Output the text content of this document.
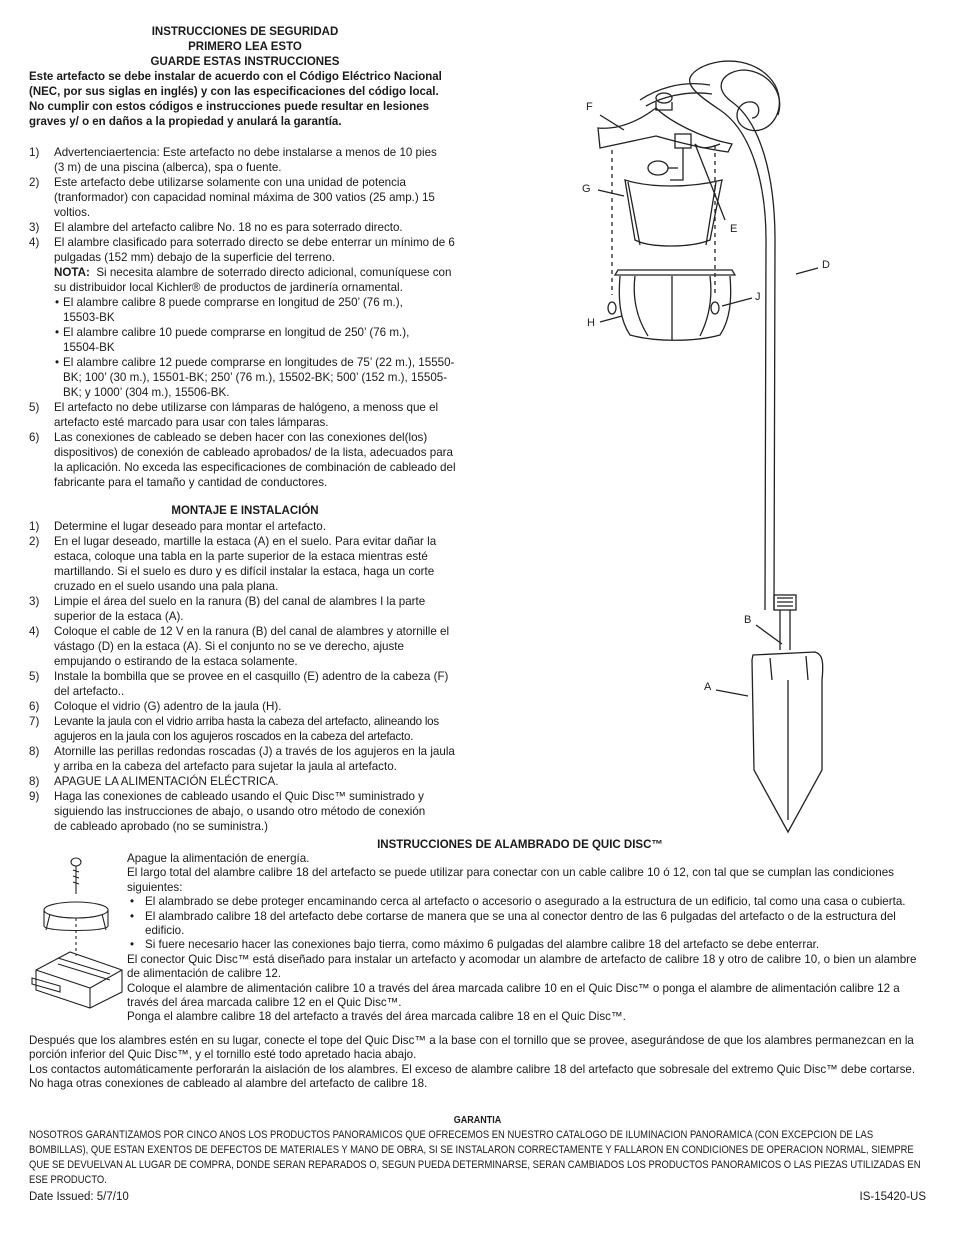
INSTRUCCIONES DE SEGURIDAD
PRIMERO LEA ESTO
GUARDE ESTAS INSTRUCCIONES
Este artefacto se debe instalar de acuerdo con el Código Eléctrico Nacional (NEC, por sus siglas en inglés) y con las especificaciones del código local. No cumplir con estos códigos e instrucciones puede resultar en lesiones graves y/ o en daños a la propiedad y anulará la garantía.
1)	Advertenciaertencia: Este artefacto no debe instalarse a menos de 10 pies (3 m) de una piscina (alberca), spa o fuente.
2)	Este artefacto debe utilizarse solamente con una unidad de potencia (tranformador) con capacidad nominal máxima de 300 vatios (25 amp.) 15 voltios.
3)	El alambre del artefacto calibre No. 18 no es para soterrado directo.
4)	El alambre clasificado para soterrado directo se debe enterrar un mínimo de 6 pulgadas (152 mm) debajo de la superficie del terreno.
NOTA: Si necesita alambre de soterrado directo adicional, comuníquese con su distribuidor local Kichler® de productos de jardinería ornamental.
• El alambre calibre 8 puede comprarse en longitud de 250’ (76 m.), 15503-BK
• El alambre calibre 10 puede comprarse en longitud de 250’ (76 m.), 15504-BK
• El alambre calibre 12 puede comprarse en longitudes de 75’ (22 m.), 15550-BK; 100’ (30 m.), 15501-BK; 250’ (76 m.), 15502-BK; 500’ (152 m.), 15505-BK; y 1000’ (304 m.), 15506-BK.
5)	El artefacto no debe utilizarse con lámparas de halógeno, a menoss que el artefacto esté marcado para usar con tales lámparas.
6)	Las conexiones de cableado se deben hacer con las conexiones del(los) dispositivos) de conexión de cableado aprobados/ de la lista, adecuados para la aplicación. No exceda las especificaciones de combinación de cableado del fabricante para el tamaño y cantidad de conductores.
MONTAJE E INSTALACIÓN
1)	Determine el lugar deseado para montar el artefacto.
2)	En el lugar deseado, martille la estaca (A) en el suelo. Para evitar dañar la estaca, coloque una tabla en la parte superior de la estaca mientras esté martillando. Si el suelo es duro y es difícil instalar la estaca, haga un corte cruzado en el suelo usando una pala plana.
3)	Limpie el área del suelo en la ranura (B) del canal de alambres I la parte superior de la estaca (A).
4)	Coloque el cable de 12 V en la ranura (B) del canal de alambres y atornille el vástago (D) en la estaca (A). Si el conjunto no se ve derecho, ajuste empujando o estirando de la estaca solamente.
5)	Instale la bombilla que se provee en el casquillo (E) adentro de la cabeza (F) del artefacto..
6)	Coloque el vidrio (G) adentro de la jaula (H).
7)	Levante la jaula con el vidrio arriba hasta la cabeza del artefacto, alineando los agujeros en la jaula con los agujeros roscados en la cabeza del artefacto.
8)	Atornille las perillas redondas roscadas (J) a través de los agujeros en la jaula y arriba en la cabeza del artefacto para sujetar la jaula al artefacto.
8)	APAGUE LA ALIMENTACIÓN ELÉCTRICA.
9)	Haga las conexiones de cableado usando el Quic Disc™ suministrado y siguiendo las instrucciones de abajo, o usando otro método de conexión de cableado aprobado (no se suministra.)
F
G
E
D
J
H
B
A
INSTRUCCIONES DE ALAMBRADO DE QUIC DISC™
Apague la alimentación de energía.
El largo total del alambre calibre 18 del artefacto se puede utilizar para conectar con un cable calibre 10 ó 12, con tal que se cumplan las condiciones siguientes:
• El alambrado se debe proteger encaminando cerca al artefacto o accesorio o asegurado a la estructura de un edificio, tal como una casa o cubierta.
• El alambrado calibre 18 del artefacto debe cortarse de manera que se una al conector dentro de las 6 pulgadas del artefacto o de la estructura del edificio.
• Si fuere necesario hacer las conexiones bajo tierra, como máximo 6 pulgadas del alambre calibre 18 del artefacto se debe enterrar.
El conector Quic Disc™ está diseñado para instalar un artefacto y acomodar un alambre de artefacto de calibre 18 y otro de calibre 10, o bien un alambre de alimentación de calibre 12.
Coloque el alambre de alimentación calibre 10 a través del área marcada calibre 10 en el Quic Disc™ o ponga el alambre de alimentación calibre 12 a través del área marcada calibre 12 en el Quic Disc™.
Ponga el alambre calibre 18 del artefacto a través del área marcada calibre 18 en el Quic Disc™.
Después que los alambres estén en su lugar, conecte el tope del Quic Disc™ a la base con el tornillo que se provee, asegurándose de que los alambres permanezcan en la porción inferior del Quic Disc™, y el tornillo esté todo apretado hacia abajo.
Los contactos automáticamente perforarán la aislación de los alambres. El exceso de alambre calibre 18 del artefacto que sobresale del extremo Quic Disc™ debe cortarse.
No haga otras conexiones de cableado al alambre del artefacto de calibre 18.
GARANTIA
NOSOTROS GARANTIZAMOS POR CINCO ANOS LOS PRODUCTOS PANORAMICOS QUE OFRECEMOS EN NUESTRO CATALOGO DE ILUMINACION PANORAMICA (CON EXCEPCION DE LAS BOMBILLAS), QUE ESTAN EXENTOS DE DEFECTOS DE MATERIALES Y MANO DE OBRA, SI SE INSTALARON CORRECTAMENTE Y FALLARON EN CONDICIONES DE OPERACION NORMAL, SIEMPRE QUE SE DEVUELVAN AL LUGAR DE COMPRA, DONDE SERAN REPARADOS O, SEGUN PUEDA DETERMINARSE, SERAN CAMBIADOS LOS PRODUCTOS PANORAMICOS O LAS PIEZAS UTILIZADAS EN ESE PRODUCTO.
Date Issued: 5/7/10	IS-15420-US
